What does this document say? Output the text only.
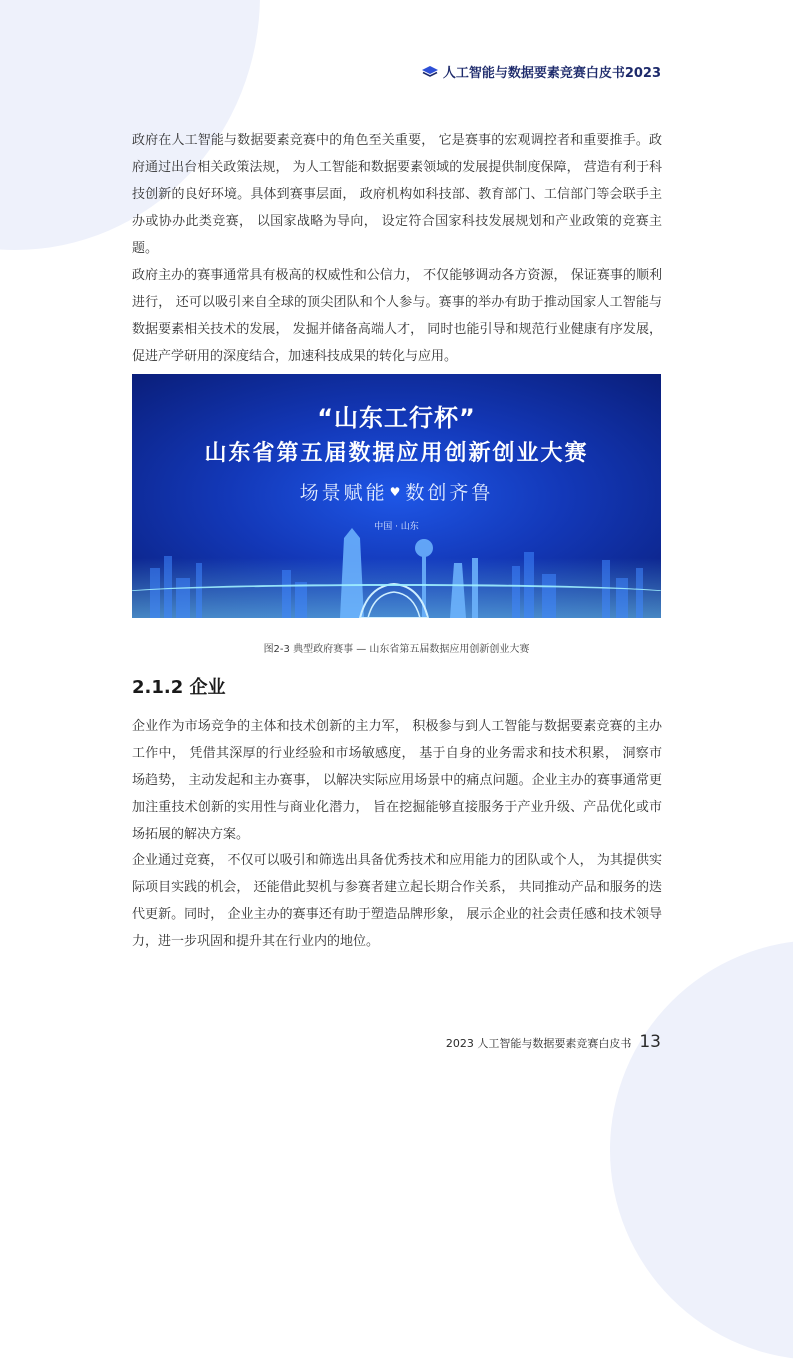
人工智能与数据要素竞赛白皮书2023

政府在人工智能与数据要素竞赛中的角色至关重要， 它是赛事的宏观调控者和重要推手。政府通过出台相关政策法规， 为人工智能和数据要素领域的发展提供制度保障， 营造有利于科技创新的良好环境。具体到赛事层面， 政府机构如科技部、教育部门、工信部门等会联手主办或协办此类竞赛， 以国家战略为导向， 设定符合国家科技发展规划和产业政策的竞赛主题。

政府主办的赛事通常具有极高的权威性和公信力， 不仅能够调动各方资源， 保证赛事的顺利进行， 还可以吸引来自全球的顶尖团队和个人参与。赛事的举办有助于推动国家人工智能与数据要素相关技术的发展， 发掘并储备高端人才， 同时也能引导和规范行业健康有序发展，促进产学研用的深度结合，加速科技成果的转化与应用。

“山东工行杯”
山东省第五届数据应用创新创业大赛
场景赋能 ♥ 数创齐鲁
中国 · 山东
图2-3 典型政府赛事 — 山东省第五届数据应用创新创业大赛
2.1.2 企业

企业作为市场竞争的主体和技术创新的主力军， 积极参与到人工智能与数据要素竞赛的主办工作中， 凭借其深厚的行业经验和市场敏感度， 基于自身的业务需求和技术积累， 洞察市场趋势， 主动发起和主办赛事， 以解决实际应用场景中的痛点问题。企业主办的赛事通常更加注重技术创新的实用性与商业化潜力， 旨在挖掘能够直接服务于产业升级、产品优化或市场拓展的解决方案。

企业通过竞赛， 不仅可以吸引和筛选出具备优秀技术和应用能力的团队或个人， 为其提供实际项目实践的机会， 还能借此契机与参赛者建立起长期合作关系， 共同推动产品和服务的迭代更新。同时， 企业主办的赛事还有助于塑造品牌形象， 展示企业的社会责任感和技术领导力，进一步巩固和提升其在行业内的地位。

2023 人工智能与数据要素竞赛白皮书 13
